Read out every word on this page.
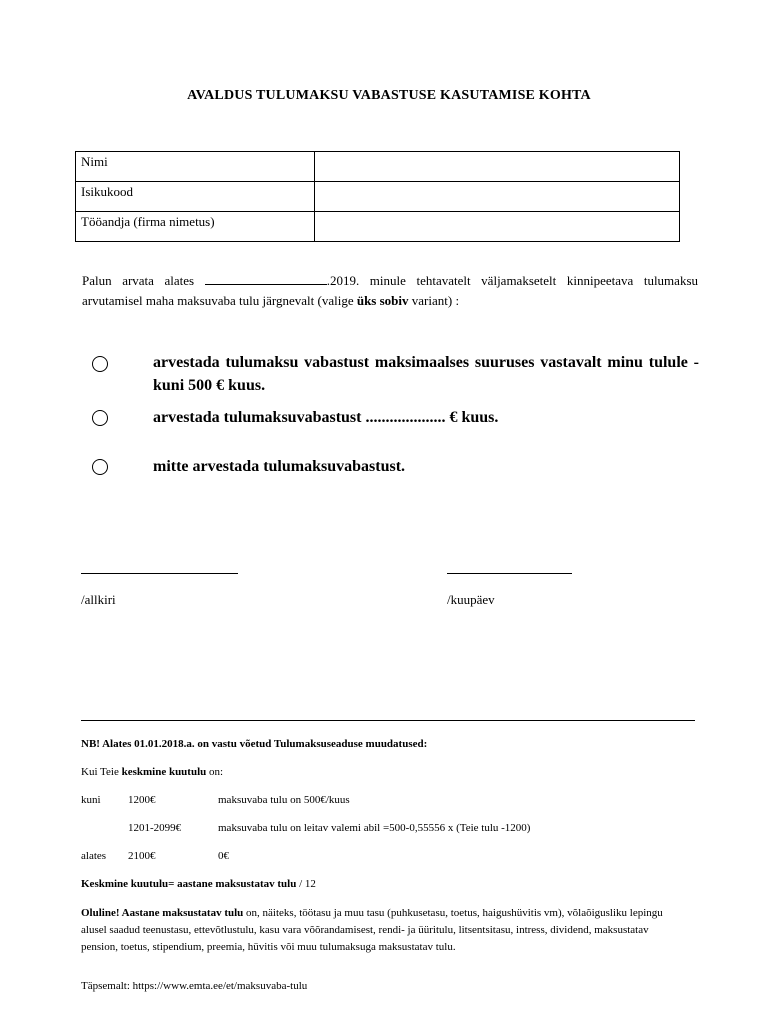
AVALDUS TULUMAKSU VABASTUSE KASUTAMISE KOHTA
Nimi	
Isikukood	
Tööandja (firma nimetus)	
Palun arvata alates	.2019. minule tehtavatelt väljamaksetelt kinnipeetava tulumaksu arvutamisel maha maksuvaba tulu järgnevalt (valige üks sobiv variant) :
arvestada tulumaksu vabastust maksimaalses suuruses vastavalt minu tulule - kuni 500 € kuus.
arvestada tulumaksuvabastust .................... € kuus.
mitte arvestada tulumaksuvabastust.
/allkiri	/kuupäev
NB! Alates 01.01.2018.a. on vastu võetud Tulumaksuseaduse muudatused:
Kui Teie keskmine kuutulu on:
kuni 1200€	maksuvaba tulu on 500€/kuus
1201-2099€	maksuvaba tulu on leitav valemi abil =500-0,55556 x (Teie tulu -1200)
alates 2100€	0€
Keskmine kuutulu= aastane maksustatav tulu / 12
Oluline! Aastane maksustatav tulu on, näiteks, töötasu ja muu tasu (puhkusetasu, toetus, haigushüvitis vm), võlaõigusliku lepingu alusel saadud teenustasu, ettevõtlustulu, kasu vara võõrandamisest, rendi- ja üüritulu, litsentsitasu, intress, dividend, maksustatav pension, toetus, stipendium, preemia, hüvitis või muu tulumaksuga maksustatav tulu.
Täpsemalt: https://www.emta.ee/et/maksuvaba-tulu
